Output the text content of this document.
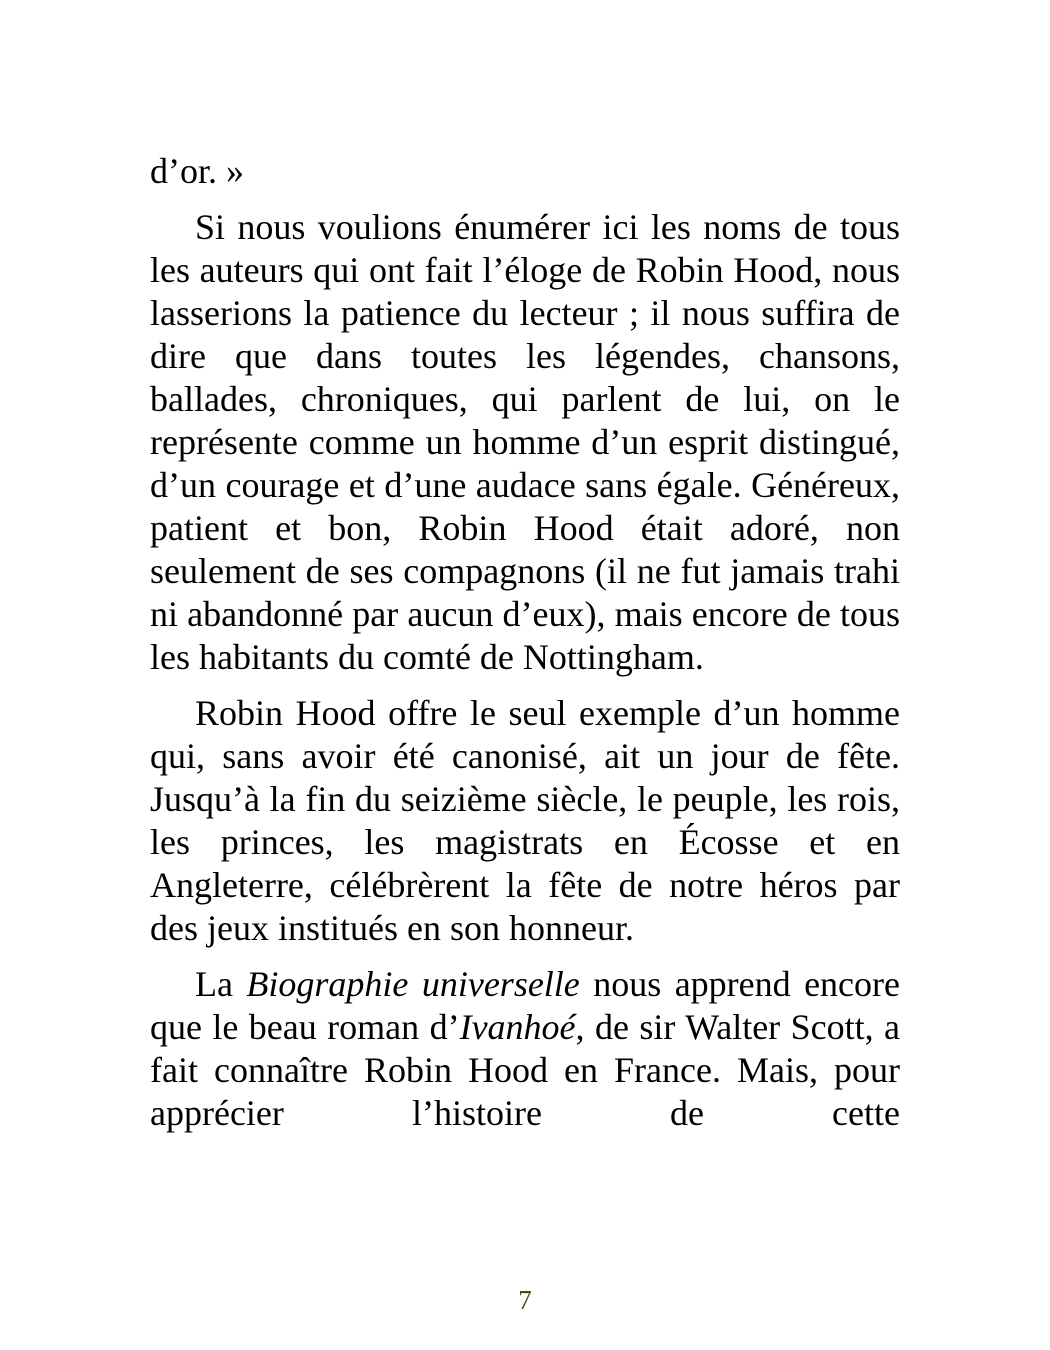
d’or. »

Si nous voulions énumérer ici les noms de tous les auteurs qui ont fait l’éloge de Robin Hood, nous lasserions la patience du lecteur ; il nous suffira de dire que dans toutes les légendes, chansons, ballades, chroniques, qui parlent de lui, on le représente comme un homme d’un esprit distingué, d’un courage et d’une audace sans égale. Généreux, patient et bon, Robin Hood était adoré, non seulement de ses compagnons (il ne fut jamais trahi ni abandonné par aucun d’eux), mais encore de tous les habitants du comté de Nottingham.

Robin Hood offre le seul exemple d’un homme qui, sans avoir été canonisé, ait un jour de fête. Jusqu’à la fin du seizième siècle, le peuple, les rois, les princes, les magistrats en Écosse et en Angleterre, célébrèrent la fête de notre héros par des jeux institués en son honneur.

La Biographie universelle nous apprend encore que le beau roman d’Ivanhoé, de sir Walter Scott, a fait connaître Robin Hood en France. Mais, pour apprécier l’histoire de cette

7
